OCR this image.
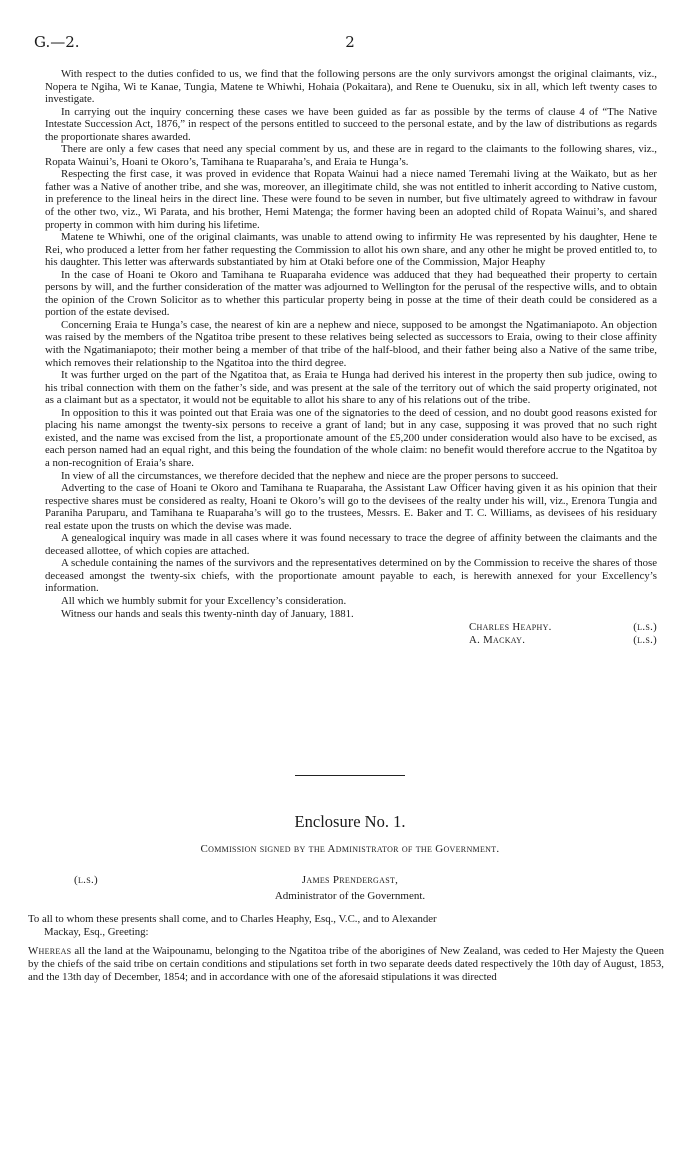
G.—2.	2

With respect to the duties confided to us, we find that the following persons are the only survivors amongst the original claimants, viz., Nopera te Ngiha, Wi te Kanae, Tungia, Matene te Whiwhi, Hohaia (Pokaitara), and Rene te Ouenuku, six in all, which left twenty cases to investigate.

In carrying out the inquiry concerning these cases we have been guided as far as possible by the terms of clause 4 of “The Native Intestate Succession Act, 1876,” in respect of the persons entitled to succeed to the personal estate, and by the law of distributions as regards the proportionate shares awarded.

There are only a few cases that need any special comment by us, and these are in regard to the claimants to the following shares, viz., Ropata Wainui’s, Hoani te Okoro’s, Tamihana te Ruaparaha’s, and Eraia te Hunga’s.

Respecting the first case, it was proved in evidence that Ropata Wainui had a niece named Teremahi living at the Waikato, but as her father was a Native of another tribe, and she was, moreover, an illegitimate child, she was not entitled to inherit according to Native custom, in preference to the lineal heirs in the direct line. These were found to be seven in number, but five ultimately agreed to withdraw in favour of the other two, viz., Wi Parata, and his brother, Hemi Matenga; the former having been an adopted child of Ropata Wainui’s, and shared property in common with him during his lifetime.

Matene te Whiwhi, one of the original claimants, was unable to attend owing to infirmity He was represented by his daughter, Hene te Rei, who produced a letter from her father requesting the Commission to allot his own share, and any other he might be proved entitled to, to his daughter. This letter was afterwards substantiated by him at Otaki before one of the Commission, Major Heaphy

In the case of Hoani te Okoro and Tamihana te Ruaparaha evidence was adduced that they had bequeathed their property to certain persons by will, and the further consideration of the matter was adjourned to Wellington for the perusal of the respective wills, and to obtain the opinion of the Crown Solicitor as to whether this particular property being in posse at the time of their death could be considered as a portion of the estate devised.

Concerning Eraia te Hunga’s case, the nearest of kin are a nephew and niece, supposed to be amongst the Ngatimaniapoto. An objection was raised by the members of the Ngatitoa tribe present to these relatives being selected as successors to Eraia, owing to their close affinity with the Ngatimaniapoto; their mother being a member of that tribe of the half-blood, and their father being also a Native of the same tribe, which removes their relationship to the Ngatitoa into the third degree.

It was further urged on the part of the Ngatitoa that, as Eraia te Hunga had derived his interest in the property then sub judice, owing to his tribal connection with them on the father’s side, and was present at the sale of the territory out of which the said property originated, not as a claimant but as a spectator, it would not be equitable to allot his share to any of his relations out of the tribe.

In opposition to this it was pointed out that Eraia was one of the signatories to the deed of cession, and no doubt good reasons existed for placing his name amongst the twenty-six persons to receive a grant of land; but in any case, supposing it was proved that no such right existed, and the name was excised from the list, a proportionate amount of the £5,200 under consideration would also have to be excised, as each person named had an equal right, and this being the foundation of the whole claim: no benefit would therefore accrue to the Ngatitoa by a non-recognition of Eraia’s share.

In view of all the circumstances, we therefore decided that the nephew and niece are the proper persons to succeed.

Adverting to the case of Hoani te Okoro and Tamihana te Ruaparaha, the Assistant Law Officer having given it as his opinion that their respective shares must be considered as realty, Hoani te Okoro’s will go to the devisees of the realty under his will, viz., Erenora Tungia and Paraniha Paruparu, and Tamihana te Ruaparaha’s will go to the trustees, Messrs. E. Baker and T. C. Williams, as devisees of his residuary real estate upon the trusts on which the devise was made.

A genealogical inquiry was made in all cases where it was found necessary to trace the degree of affinity between the claimants and the deceased allottee, of which copies are attached.

A schedule containing the names of the survivors and the representatives determined on by the Commission to receive the shares of those deceased amongst the twenty-six chiefs, with the proportionate amount payable to each, is herewith annexed for your Excellency’s information.

All which we humbly submit for your Excellency’s consideration.

Witness our hands and seals this twenty-ninth day of January, 1881.

Charles Heaphy.	(l.s.)
A. Mackay.	(l.s.)
Enclosure No. 1.
Commission signed by the Administrator of the Government.
(l.s.)	James Prendergast,
Administrator of the Government.
To all to whom these presents shall come, and to Charles Heaphy, Esq., V.C., and to Alexander
Mackay, Esq., Greeting:
Whereas all the land at the Waipounamu, belonging to the Ngatitoa tribe of the aborigines of New Zealand, was ceded to Her Majesty the Queen by the chiefs of the said tribe on certain conditions and stipulations set forth in two separate deeds dated respectively the 10th day of August, 1853, and the 13th day of December, 1854; and in accordance with one of the aforesaid stipulations it was directed
